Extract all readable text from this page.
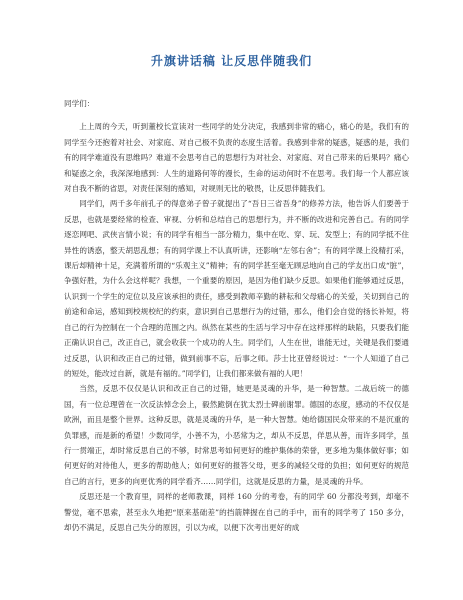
升旗讲话稿 让反思伴随我们

同学们：

上上周的今天，听到董校长宣读对一些同学的处分决定，我感到非常的痛心，痛心的是，我们有的同学至今还抱着对社会、对家庭、对自己极不负责的态度生活着。我感到非常的疑惑，疑惑的是，我们有的同学难道没有思维吗？难道不会思考自己的思想行为对社会、对家庭、对自己带来的后果吗？痛心和疑惑之余，我深深地感到：人生的道路何等的漫长，生命的运动何时不在思考。我们每一个人都应该对自我不断的省思，对责任深刻的感知，对规则无比的敬畏，让反思伴随我们。

同学们，两千多年前孔子的得意弟子曾子就提出了“吾日三省吾身”的修养方法，他告诉人们要善于反思，也就是要经常的检查、审视、分析和总结自己的思想行为，并不断的改进和完善自己。有的同学逐恋网吧、武侠言情小说；有的同学有相当一部分精力，集中在吃、穿、玩、发型上；有的同学抵不住异性的诱惑，整天胡思乱想；有的同学课上不认真听讲，还影响“左邻右舍”；有的同学课上没精打采，课后却精神十足，充满着所谓的“乐观主义”精神；有的同学甚至毫无顾忌地向自己的学友出口成“脏”，争强好胜，为什么会这样呢？我想，一个重要的原因，是因为他们缺少反思。如果他们能够通过反思，认识到一个学生的定位以及应该承担的责任，感受到教师辛勤的耕耘和父母痛心的关爱，关切到自己的前途和命运，感知到校规校纪的约束，意识到自己思想行为的过错，那么，他们会自觉的扬长补短，将自己的行为控制在一个合理的范围之内。纵然在某些的生活与学习中存在这样那样的缺陷，只要我们能正确认识自己，改正自己，就会收获一个成功的人生。同学们，人生在世，谁能无过，关键是我们要通过反思，认识和改正自己的过错，做到前事不忘，后事之师。莎士比亚曾经说过：“一个人知道了自己的短处，能改过自新，就是有福的。”同学们，让我们都来做有福的人吧！

当然，反思不仅仅是认识和改正自己的过错，她更是灵魂的升华，是一种智慧。二战后统一的德国，有一位总理曾在一次反法悼念会上，毅然跪倒在犹太烈士碑前谢罪。德国的态度，感动的不仅仅是欧洲，而且是整个世界。这种反思，就是灵魂的升华，是一种大智慧。她给德国民众带来的不是沉重的负罪感，而是新的希望！少数同学，小善不为，小恶常为之，却从不反思，佯思从善，而许多同学，虽行一贯端正，却时常反思自己的不够，时常思考如何更好的维护集体的荣誉，更多地为集体做好事；如何更好的对待他人，更多的帮助他人；如何更好的报答父母，更多的减轻父母的负担；如何更好的规范自己的言行，更多的向更优秀的同学看齐……同学们，这就是反思的力量，是灵魂的升华。

反思还是一个教育里，同样的老师教课，同样 160 分的考卷，有的同学 60 分都没考到，却毫不警觉，毫不思索，甚至永久地把“原来基础差”的挡箭牌握在自己的手中，而有的同学考了 150 多分，却仍不满足，反思自己失分的原因，引以为戒，以便下次考出更好的成
